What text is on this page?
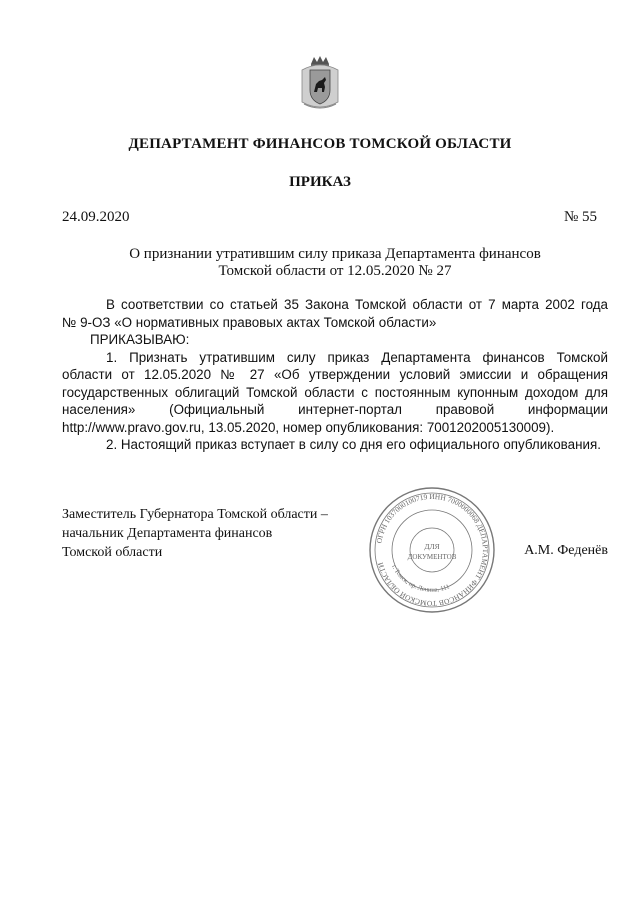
ДЕПАРТАМЕНТ ФИНАНСОВ ТОМСКОЙ ОБЛАСТИ
ПРИКАЗ
24.09.2020	№ 55
О признании утратившим силу приказа Департамента финансов
Томской области от 12.05.2020 № 27

В соответствии со статьей 35 Закона Томской области от 7 марта 2002 года

№ 9-ОЗ «О нормативных правовых актах Томской области»

ПРИКАЗЫВАЮ:

1. Признать утратившим силу приказ Департамента финансов Томской

области от 12.05.2020 № 27 «Об утверждении условий эмиссии и обращения

государственных облигаций Томской области с постоянным купонным доходом для

населения» (Официальный интернет-портал правовой информации

http://www.pravo.gov.ru, 13.05.2020, номер опубликования: 7001202005130009).

2. Настоящий приказ вступает в силу со дня его официального опубликования.

Заместитель Губернатора Томской области –
начальник Департамента финансов
Томской области	А.М. Феденёв
ОГРН 1037000100719 ИНН 7000000068 ДЕПАРТАМЕНТ ФИНАНСОВ ТОМСКОЙ ОБЛАСТИ г. Томск, пр. Ленина, 111
ДЛЯ
ДОКУМЕНТОВ
